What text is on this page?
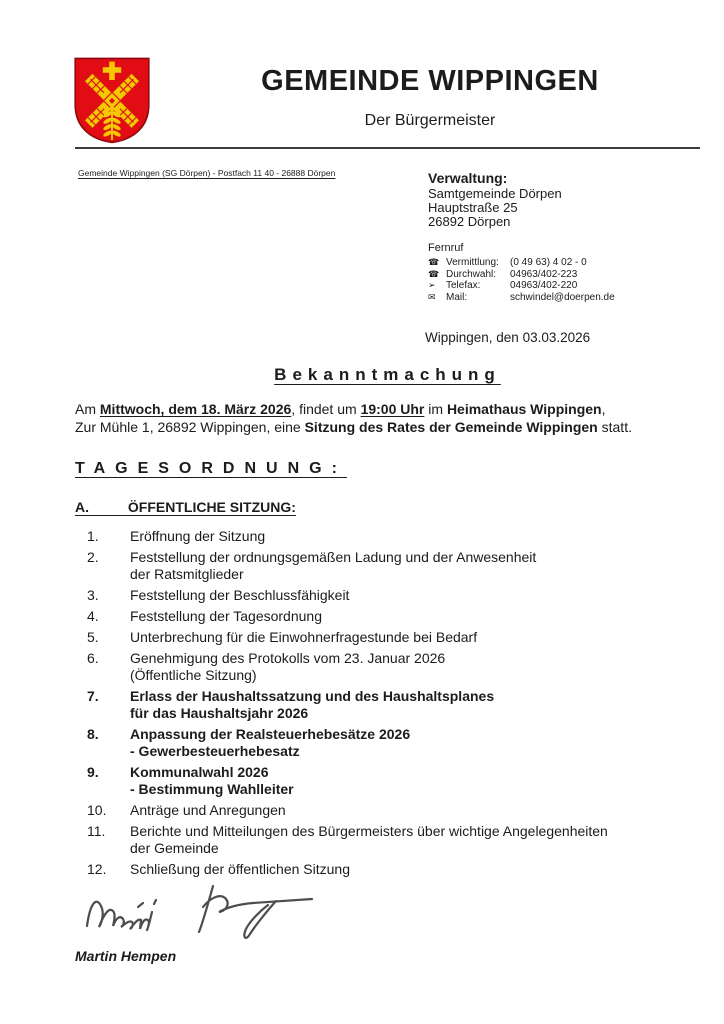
GEMEINDE WIPPINGEN
Der Bürgermeister
Gemeinde Wippingen (SG Dörpen) - Postfach 11 40 - 26888 Dörpen	Verwaltung:
Samtgemeinde Dörpen
Hauptstraße 25
26892 Dörpen
Fernruf
☎ Vermittlung:	(0 49 63) 4 02 - 0
☎ Durchwahl:	04963/402-223
➢	Telefax:	04963/402-220
✉	Mail:	schwindel@doerpen.de
Wippingen, den 03.03.2026
Bekanntmachung
Am Mittwoch, dem 18. März 2026, findet um 19:00 Uhr im Heimathaus Wippingen,
Zur Mühle 1, 26892 Wippingen, eine Sitzung des Rates der Gemeinde Wippingen statt.
TAGESORDNUNG:
A.	ÖFFENTLICHE SITZUNG:
1.	Eröffnung der Sitzung
2.	Feststellung der ordnungsgemäßen Ladung und der Anwesenheit
der Ratsmitglieder
3.	Feststellung der Beschlussfähigkeit
4.	Feststellung der Tagesordnung
5.	Unterbrechung für die Einwohnerfragestunde bei Bedarf
6.	Genehmigung des Protokolls vom 23. Januar 2026
(Öffentliche Sitzung)
7.	Erlass der Haushaltssatzung und des Haushaltsplanes
für das Haushaltsjahr 2026
8.	Anpassung der Realsteuerhebesätze 2026
- Gewerbesteuerhebesatz
9.	Kommunalwahl 2026
- Bestimmung Wahlleiter
10.	Anträge und Anregungen
11.	Berichte und Mitteilungen des Bürgermeisters über wichtige Angelegenheiten
der Gemeinde
12.	Schließung der öffentlichen Sitzung
Martin Hempen
